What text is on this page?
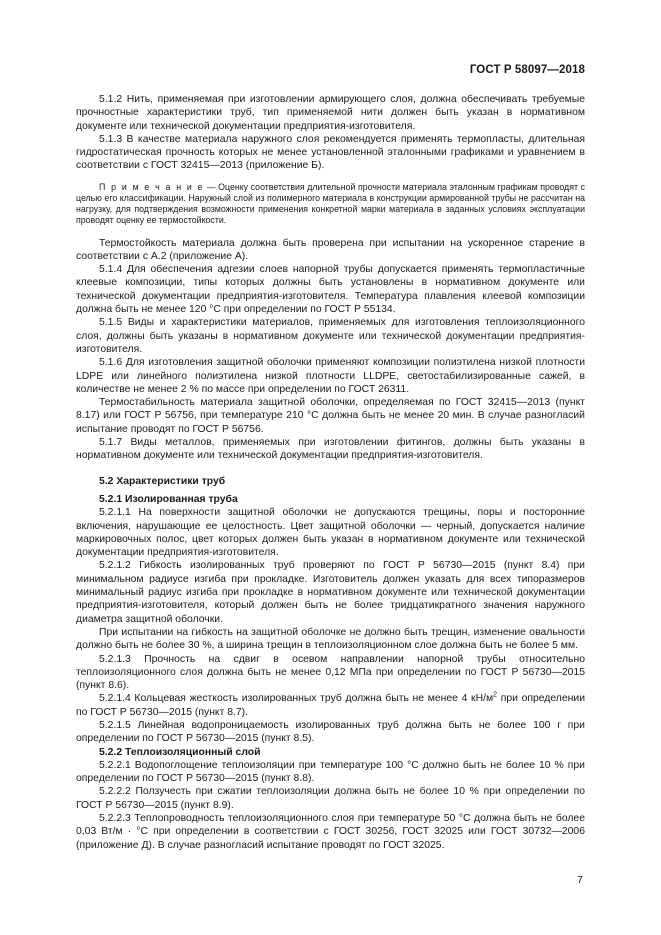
ГОСТ Р 58097—2018

5.1.2 Нить, применяемая при изготовлении армирующего слоя, должна обеспечивать требуемые прочностные характеристики труб, тип применяемой нити должен быть указан в нормативном документе или технической документации предприятия-изготовителя.

5.1.3 В качестве материала наружного слоя рекомендуется применять термопласты, длительная гидростатическая прочность которых не менее установленной эталонными графиками и уравнением в соответствии с ГОСТ 32415—2013 (приложение Б).

П р и м е ч а н и е — Оценку соответствия длительной прочности материала эталонным графикам проводят с целью его классификации. Наружный слой из полимерного материала в конструкции армированной трубы не рассчитан на нагрузку, для подтверждения возможности применения конкретной марки материала в заданных условиях эксплуатации проводят оценку ее термостойкости.

Термостойкость материала должна быть проверена при испытании на ускоренное старение в соответствии с А.2 (приложение А).

5.1.4 Для обеспечения адгезии слоев напорной трубы допускается применять термопластичные клеевые композиции, типы которых должны быть установлены в нормативном документе или технической документации предприятия-изготовителя. Температура плавления клеевой композиции должна быть не менее 120 °С при определении по ГОСТ Р 55134.

5.1.5 Виды и характеристики материалов, применяемых для изготовления теплоизоляционного слоя, должны быть указаны в нормативном документе или технической документации предприятия-изготовителя.

5.1.6 Для изготовления защитной оболочки применяют композиции полиэтилена низкой плотности LDPE или линейного полиэтилена низкой плотности LLDPE, светостабилизированные сажей, в количестве не менее 2 % по массе при определении по ГОСТ 26311.

Термостабильность материала защитной оболочки, определяемая по ГОСТ 32415—2013 (пункт 8.17) или ГОСТ Р 56756, при температуре 210 °С должна быть не менее 20 мин. В случае разногласий испытание проводят по ГОСТ Р 56756.

5.1.7 Виды металлов, применяемых при изготовлении фитингов, должны быть указаны в нормативном документе или технической документации предприятия-изготовителя.

5.2 Характеристики труб

5.2.1 Изолированная труба

5.2.1.1 На поверхности защитной оболочки не допускаются трещины, поры и посторонние включения, нарушающие ее целостность. Цвет защитной оболочки — черный, допускается наличие маркировочных полос, цвет которых должен быть указан в нормативном документе или технической документации предприятия-изготовителя.

5.2.1.2 Гибкость изолированных труб проверяют по ГОСТ Р 56730—2015 (пункт 8.4) при минимальном радиусе изгиба при прокладке. Изготовитель должен указать для всех типоразмеров минимальный радиус изгиба при прокладке в нормативном документе или технической документации предприятия-изготовителя, который должен быть не более тридцатикратного значения наружного диаметра защитной оболочки.

При испытании на гибкость на защитной оболочке не должно быть трещин, изменение овальности должно быть не более 30 %, а ширина трещин в теплоизоляционном слое должна быть не более 5 мм.

5.2.1.3 Прочность на сдвиг в осевом направлении напорной трубы относительно теплоизоляционного слоя должна быть не менее 0,12 МПа при определении по ГОСТ Р 56730—2015 (пункт 8.6).

5.2.1.4 Кольцевая жесткость изолированных труб должна быть не менее 4 $кН/м^2$ при определении по ГОСТ Р 56730—2015 (пункт 8.7).

5.2.1.5 Линейная водопроницаемость изолированных труб должна быть не более 100 г при определении по ГОСТ Р 56730—2015 (пункт 8.5).

5.2.2 Теплоизоляционный слой

5.2.2.1 Водопоглощение теплоизоляции при температуре 100 °С должно быть не более 10 % при определении по ГОСТ Р 56730—2015 (пункт 8.8).

5.2.2.2 Ползучесть при сжатии теплоизоляции должна быть не более 10 % при определении по ГОСТ Р 56730—2015 (пункт 8.9).

5.2.2.3 Теплопроводность теплоизоляционного слоя при температуре 50 °С должна быть не более 0,03 Вт/м · °С при определении в соответствии с ГОСТ 30256, ГОСТ 32025 или ГОСТ 30732—2006 (приложение Д). В случае разногласий испытание проводят по ГОСТ 32025.

7
